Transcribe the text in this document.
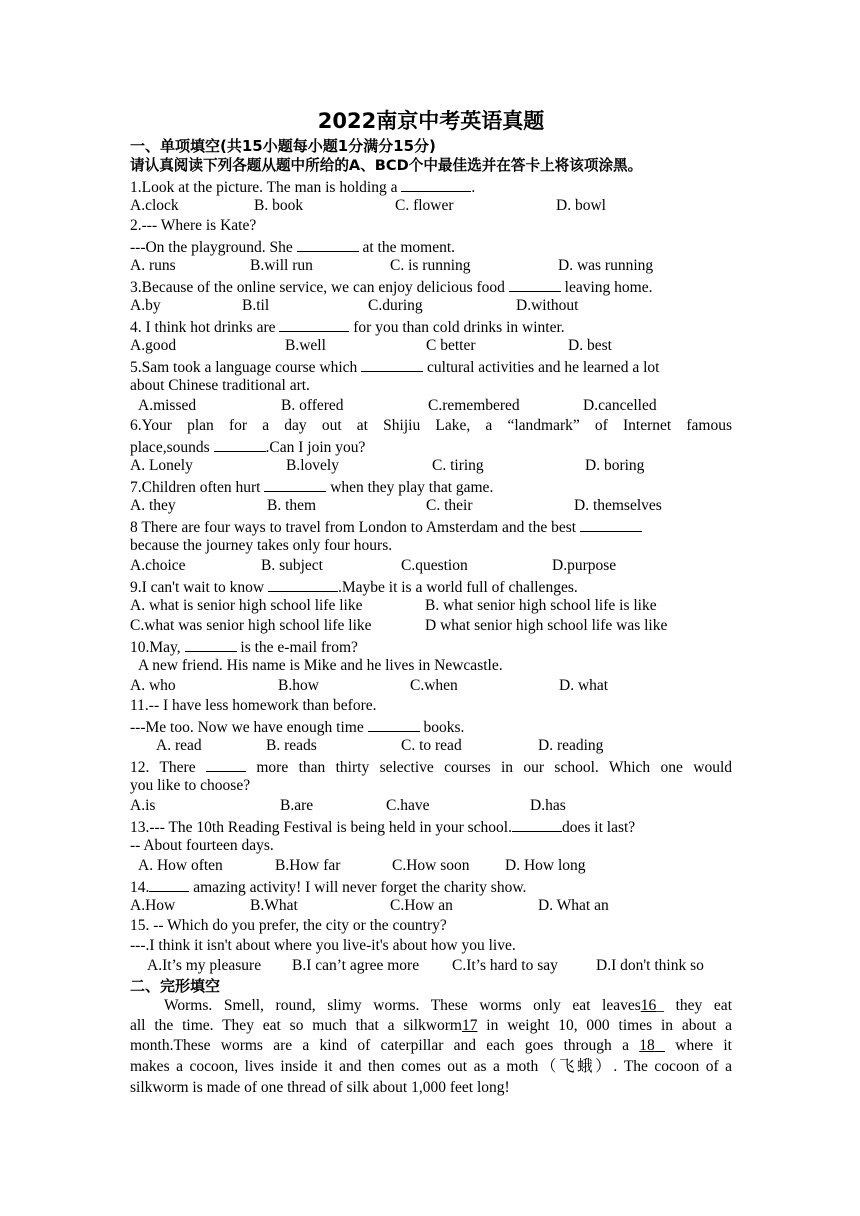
2022南京中考英语真题
一、单项填空(共15小题每小题1分满分15分)
请认真阅读下列各题从题中所给的A、BCD个中最佳选并在答卡上将该项涂黑。
1.Look at the picture. The man is holding a	.
A.clock	B. book	C. flower	D. bowl
2.--- Where is Kate?
---On the playground. She	at the moment.
A. runs	B.will run	C. is running	D. was running
3.Because of the online service, we can enjoy delicious food	leaving home.
A.by	B.til	C.during	D.without
4. I think hot drinks are	for you than cold drinks in winter.
A.good	B.well	C better	D. best
5.Sam took a language course which	cultural activities and he learned a lot
about Chinese traditional art.
A.missed	B. offered	C.remembered	D.cancelled
6.Your plan for a day out at Shijiu Lake, a “landmark” of Internet famous
place,sounds	.Can I join you?
A. Lonely	B.lovely	C. tiring	D. boring
7.Children often hurt	when they play that game.
A. they	B. them	C. their	D. themselves
8 There are four ways to travel from London to Amsterdam and the best
because the journey takes only four hours.
A.choice	B. subject	C.question	D.purpose
9.I can't wait to know	.Maybe it is a world full of challenges.
A. what is senior high school life like	B. what senior high school life is like
C.what was senior high school life like	D what senior high school life was like
10.May,	is the e-mail from?
A new friend. His name is Mike and he lives in Newcastle.
A. who	B.how	C.when	D. what
11.-- I have less homework than before.
---Me too. Now we have enough time	books.
A. read	B. reads	C. to read	D. reading
12. There	more than thirty selective courses in our school. Which one would
you like to choose?
A.is	B.are	C.have	D.has
13.--- The 10th Reading Festival is being held in your school.	does it last?
-- About fourteen days.
A. How often	B.How far	C.How soon D. How long
14.	amazing activity! I will never forget the charity show.
A.How	B.What	C.How an	D. What an
15. -- Which do you prefer, the city or the country?
---.I think it isn't about where you live-it's about how you live.
A.It’s my pleasure B.I can’t agree more C.It’s hard to say D.I don't think so
二、完形填空
Worms. Smell, round, slimy worms. These worms only eat leaves16_ they eat
all the time. They eat so much that a silkworm17 in weight 10, 000 times in about a
month.These worms are a kind of caterpillar and each goes through a 18  where it
makes a cocoon, lives inside it and then comes out as a moth（飞蛾）. The cocoon of a
silkworm is made of one thread of silk about 1,000 feet long!
